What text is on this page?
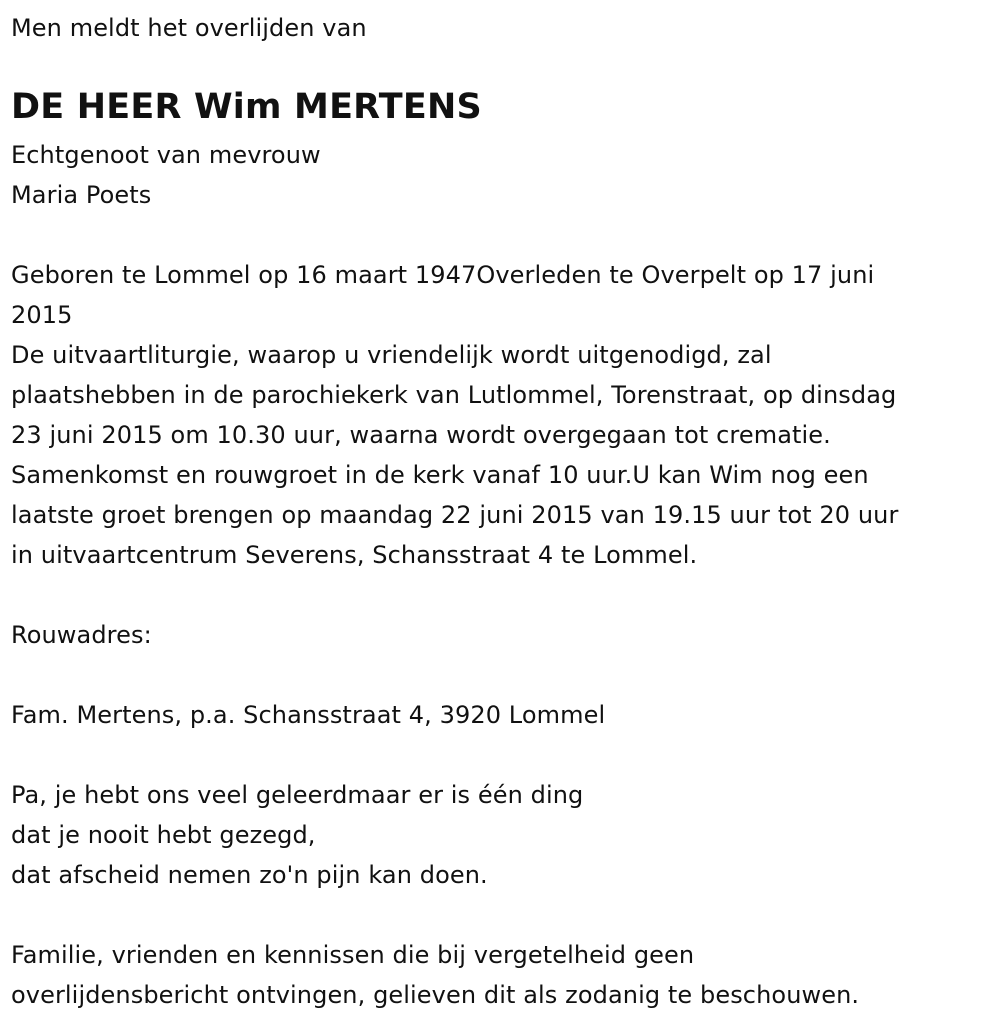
Men meldt het overlijden van
DE HEER Wim MERTENS
Echtgenoot van mevrouw
Maria Poets
Geboren te Lommel op 16 maart 1947Overleden te Overpelt op 17 juni
2015
De uitvaartliturgie, waarop u vriendelijk wordt uitgenodigd, zal
plaatshebben in de parochiekerk van Lutlommel, Torenstraat, op dinsdag
23 juni 2015 om 10.30 uur, waarna wordt overgegaan tot crematie.
Samenkomst en rouwgroet in de kerk vanaf 10 uur.U kan Wim nog een
laatste groet brengen op maandag 22 juni 2015 van 19.15 uur tot 20 uur
in uitvaartcentrum Severens, Schansstraat 4 te Lommel.
Rouwadres:
Fam. Mertens, p.a. Schansstraat 4, 3920 Lommel
Pa, je hebt ons veel geleerdmaar er is één ding
dat je nooit hebt gezegd,
dat afscheid nemen zo'n pijn kan doen.
Familie, vrienden en kennissen die bij vergetelheid geen
overlijdensbericht ontvingen, gelieven dit als zodanig te beschouwen.
